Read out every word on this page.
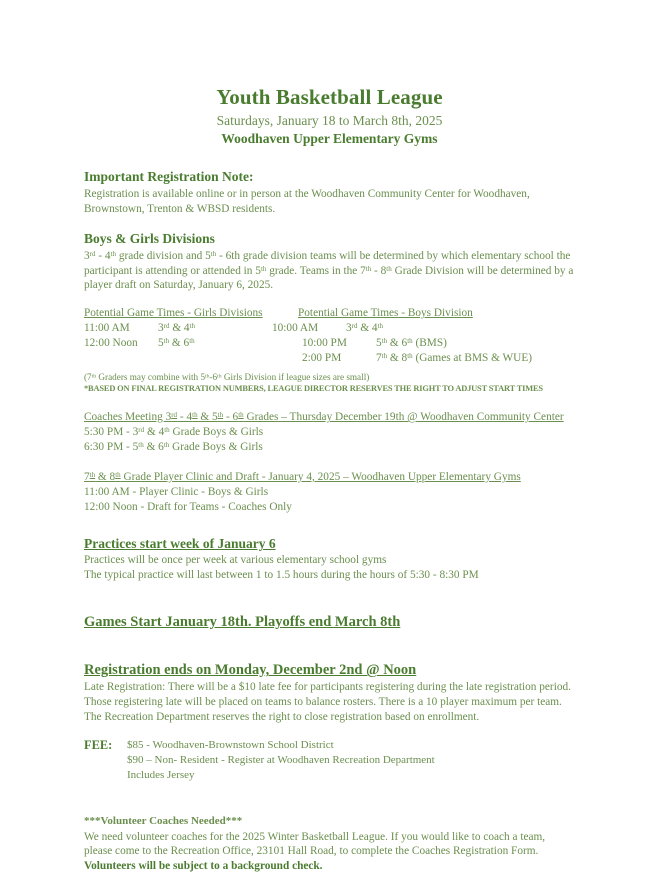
Youth Basketball League
Saturdays, January 18 to March 8th, 2025
Woodhaven Upper Elementary Gyms
Important Registration Note:

Registration is available online or in person at the Woodhaven Community Center for Woodhaven, Brownstown, Trenton & WBSD residents.

Boys & Girls Divisions

3rd - 4th grade division and 5th - 6th grade division teams will be determined by which elementary school the participant is attending or attended in 5th grade. Teams in the 7th - 8th Grade Division will be determined by a player draft on Saturday, January 6, 2025.

Potential Game Times - Girls Divisions
11:00 AM	3rd & 4th
12:00 Noon 5th & 6th
Potential Game Times - Boys Division
10:00 AM 3rd & 4th
10:00 PM	5th & 6th (BMS)
2:00 PM	7th & 8th (Games at BMS & WUE)

(7th Graders may combine with 5th-6th Girls Division if league sizes are small)

*BASED ON FINAL REGISTRATION NUMBERS, LEAGUE DIRECTOR RESERVES THE RIGHT TO ADJUST START TIMES

Coaches Meeting 3rd - 4th & 5th - 6th Grades – Thursday December 19th @ Woodhaven Community Center
5:30 PM - 3rd & 4th Grade Boys & Girls
6:30 PM - 5th & 6th Grade Boys & Girls
7th & 8th Grade Player Clinic and Draft - January 4, 2025 – Woodhaven Upper Elementary Gyms
11:00 AM - Player Clinic - Boys & Girls
12:00 Noon - Draft for Teams - Coaches Only
Practices start week of January 6
Practices will be once per week at various elementary school gyms
The typical practice will last between 1 to 1.5 hours during the hours of 5:30 - 8:30 PM
Games Start January 18th. Playoffs end March 8th
Registration ends on Monday, December 2nd @ Noon

Late Registration: There will be a $10 late fee for participants registering during the late registration period. Those registering late will be placed on teams to balance rosters. There is a 10 player maximum per team. The Recreation Department reserves the right to close registration based on enrollment.

FEE: $85 - Woodhaven-Brownstown School District
$90 – Non- Resident - Register at Woodhaven Recreation Department
Includes Jersey

***Volunteer Coaches Needed***

We need volunteer coaches for the 2025 Winter Basketball League. If you would like to coach a team, please come to the Recreation Office, 23101 Hall Road, to complete the Coaches Registration Form. Volunteers will be subject to a background check.
